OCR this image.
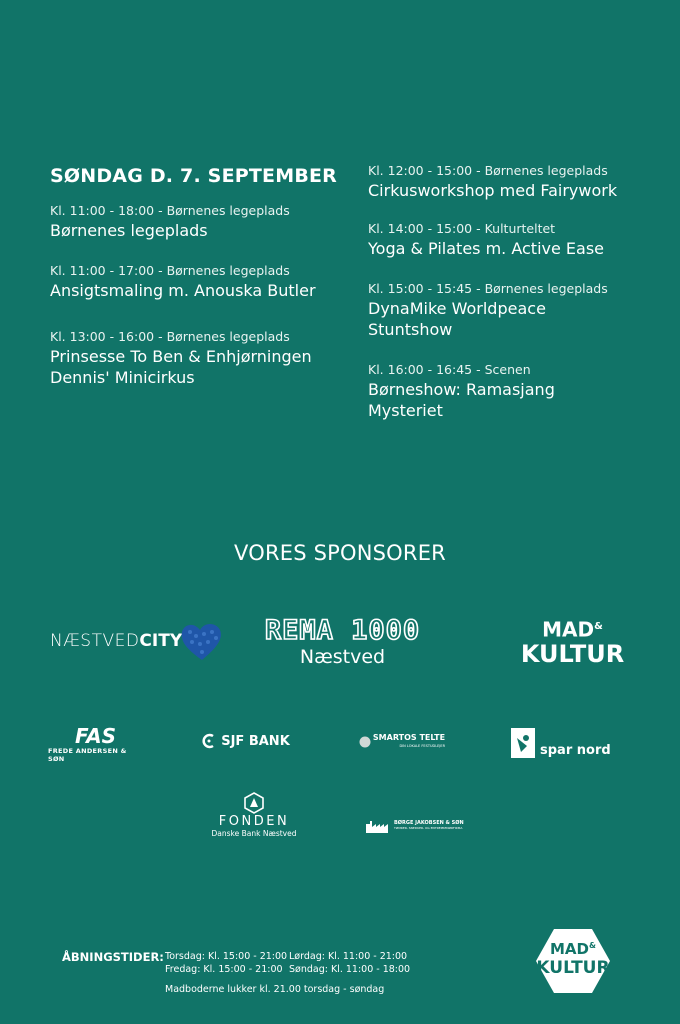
SØNDAG D. 7. SEPTEMBER
Kl. 11:00 - 18:00 - Børnenes legeplads
Børnenes legeplads
Kl. 11:00 - 17:00 - Børnenes legeplads
Ansigtsmaling m. Anouska Butler
Kl. 13:00 - 16:00 - Børnenes legeplads
Prinsesse To Ben & Enhjørningen
Dennis' Minicirkus
Kl. 12:00 - 15:00 - Børnenes legeplads
Cirkusworkshop med Fairywork
Kl. 14:00 - 15:00 - Kulturteltet
Yoga & Pilates m. Active Ease
Kl. 15:00 - 15:45 - Børnenes legeplads
DynaMike Worldpeace
Stuntshow
Kl. 16:00 - 16:45 - Scenen
Børneshow: Ramasjang
Mysteriet
VORES SPONSORER
NÆSTVED CITY	REMA 1000
Næstved
MAD&
KULTUR
FAS
FREDE ANDERSEN & SØN
SJF BANK	SMARTOS TELTE
DIN LOKALE FESTUDLEJER	spar nord
FONDEN
Danske Bank Næstved
BØRGE JAKOBSEN & SØN
TØMRER- SNEDKER- OG ENTREPRENØRFIRMA
ÅBNINGSTIDER: Torsdag: Kl. 15:00 - 21:00
Fredag: Kl. 15:00 - 21:00
Lørdag: Kl. 11:00 - 21:00
Søndag: Kl. 11:00 - 18:00
Madboderne lukker kl. 21.00 torsdag - søndag
MAD&
KULTUR
